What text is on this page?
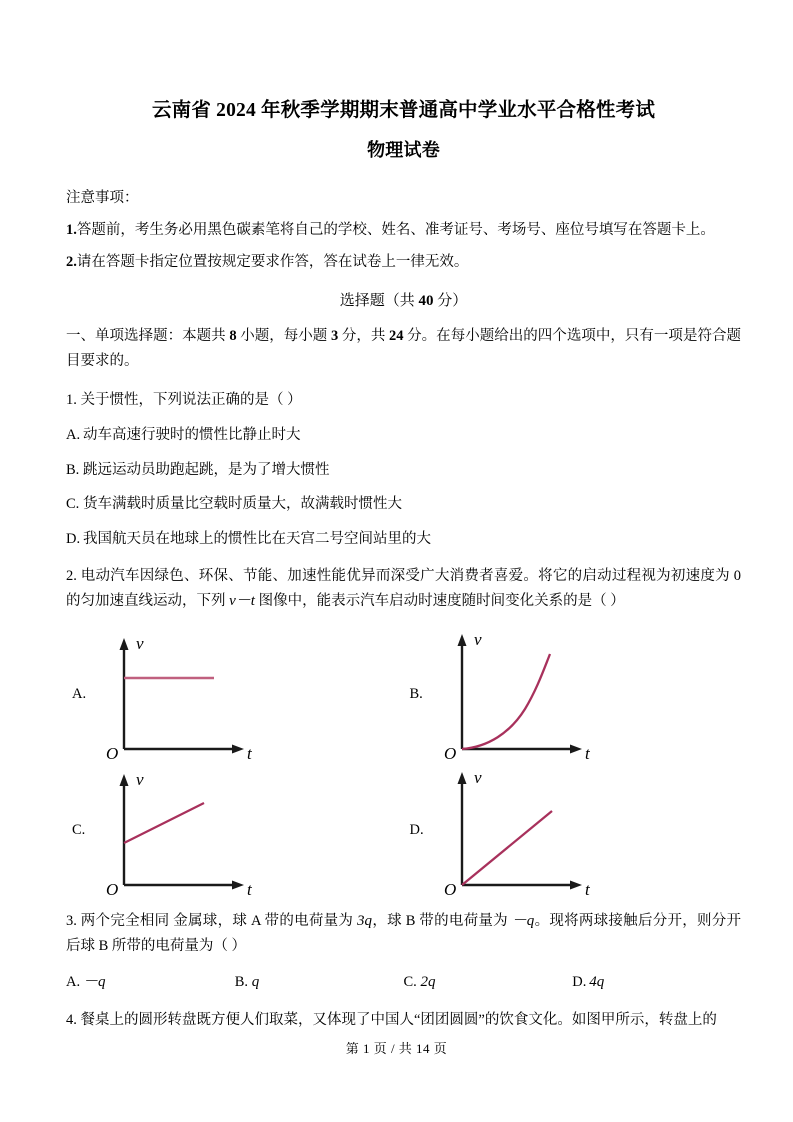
云南省 2024 年秋季学期期末普通高中学业水平合格性考试
物理试卷

注意事项：

1.答题前，考生务必用黑色碳素笔将自己的学校、姓名、准考证号、考场号、座位号填写在答题卡上。

2.请在答题卡指定位置按规定要求作答，答在试卷上一律无效。

选择题（共 40 分）

一、单项选择题：本题共 8 小题，每小题 3 分，共 24 分。在每小题给出的四个选项中，只有一项是符合题目要求的。

1. 关于惯性，下列说法正确的是（ ）

A. 动车高速行驶时的惯性比静止时大

B. 跳远运动员助跑起跳，是为了增大惯性

C. 货车满载时质量比空载时质量大，故满载时惯性大

D. 我国航天员在地球上的惯性比在天宫二号空间站里的大

2. 电动汽车因绿色、环保、节能、加速性能优异而深受广大消费者喜爱。将它的启动过程视为初速度为 0 的匀加速直线运动，下列 v－t 图像中，能表示汽车启动时速度随时间变化关系的是（ ）

A.
v
t
O
B.
v
t
O
C.
v
t
O
D.
v
t
O

3. 两个完全相同 金属球，球 A 带的电荷量为 3q，球 B 带的电荷量为 －q。现将两球接触后分开，则分开后球 B 所带的电荷量为（ ）

A. －q	B. q	C. 2q	D. 4q

4. 餐桌上的圆形转盘既方便人们取菜，又体现了中国人“团团圆圆”的饮食文化。如图甲所示，转盘上的

第 1 页 / 共 14 页
